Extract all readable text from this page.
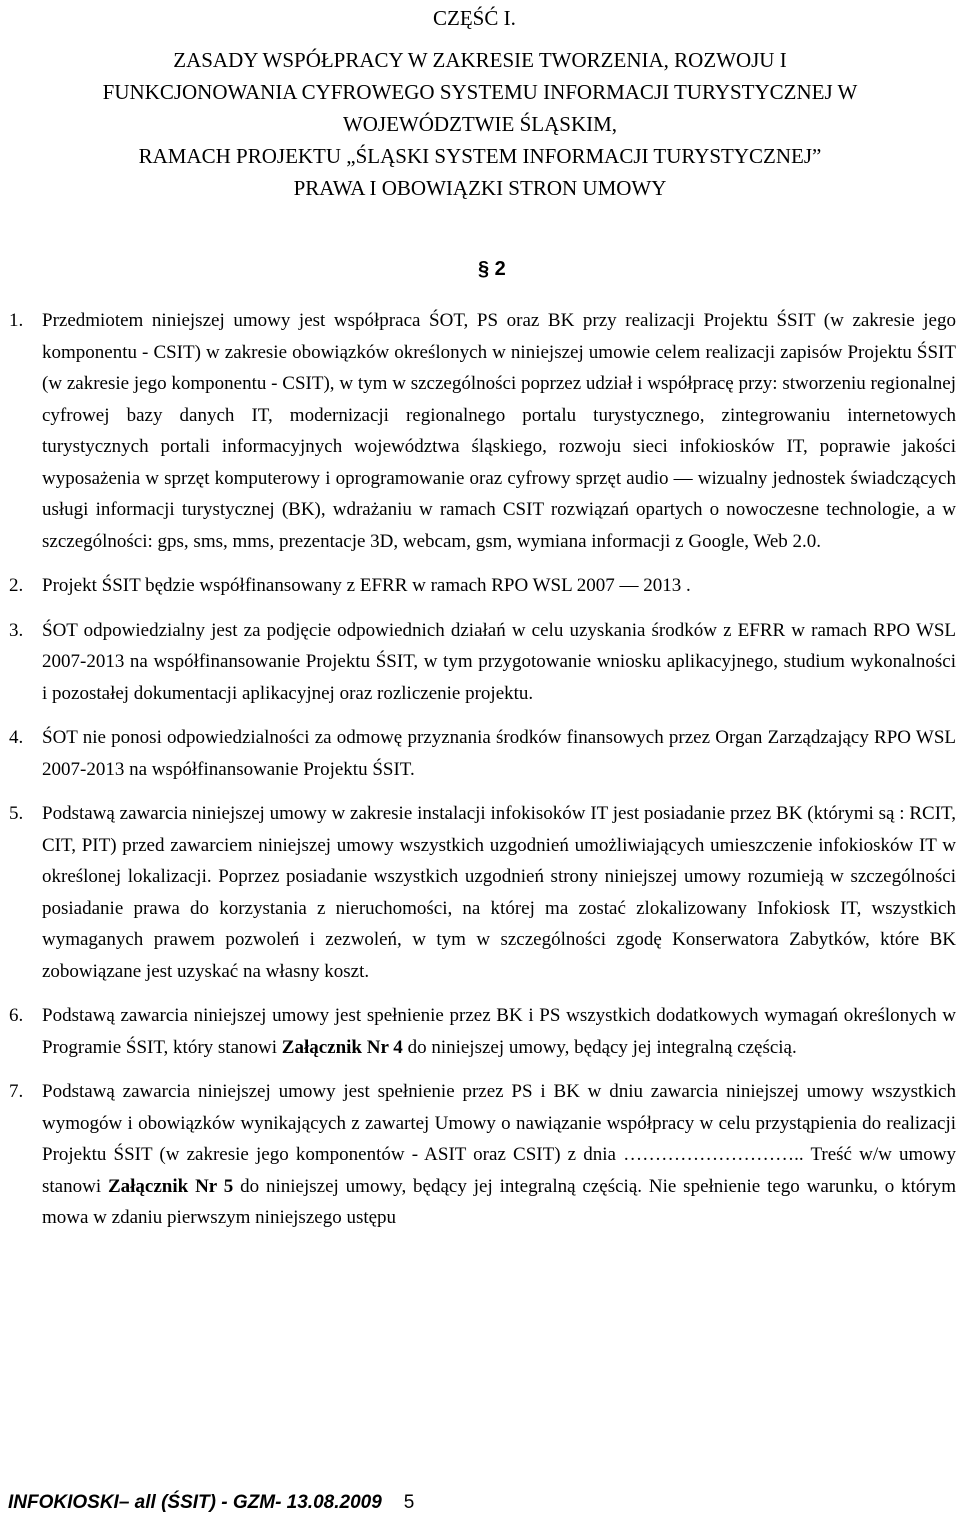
CZĘŚĆ I.
ZASADY WSPÓŁPRACY W ZAKRESIE TWORZENIA, ROZWOJU I
FUNKCJONOWANIA CYFROWEGO SYSTEMU INFORMACJI TURYSTYCZNEJ W
WOJEWÓDZTWIE ŚLĄSKIM,
RAMACH PROJEKTU „ŚLĄSKI SYSTEM INFORMACJI TURYSTYCZNEJ”
PRAWA I OBOWIĄZKI STRON UMOWY
§ 2
1. Przedmiotem niniejszej umowy jest współpraca ŚOT, PS oraz BK przy realizacji Projektu ŚSIT (w zakresie jego komponentu - CSIT) w zakresie obowiązków określonych w niniejszej umowie celem realizacji zapisów Projektu ŚSIT (w zakresie jego komponentu - CSIT), w tym w szczególności poprzez udział i współpracę przy: stworzeniu regionalnej cyfrowej bazy danych IT, modernizacji regionalnego portalu turystycznego, zintegrowaniu internetowych turystycznych portali informacyjnych województwa śląskiego, rozwoju sieci infokiosków IT, poprawie jakości wyposażenia w sprzęt komputerowy i oprogramowanie oraz cyfrowy sprzęt audio — wizualny jednostek świadczących usługi informacji turystycznej (BK), wdrażaniu w ramach CSIT rozwiązań opartych o nowoczesne technologie, a w szczególności: gps, sms, mms, prezentacje 3D, webcam, gsm, wymiana informacji z Google, Web 2.0.
2. Projekt ŚSIT będzie współfinansowany z EFRR w ramach RPO WSL 2007 — 2013 .
3. ŚOT odpowiedzialny jest za podjęcie odpowiednich działań w celu uzyskania środków z EFRR w ramach RPO WSL 2007-2013 na współfinansowanie Projektu ŚSIT, w tym przygotowanie wniosku aplikacyjnego, studium wykonalności i pozostałej dokumentacji aplikacyjnej oraz rozliczenie projektu.
4. ŚOT nie ponosi odpowiedzialności za odmowę przyznania środków finansowych przez Organ Zarządzający RPO WSL 2007-2013 na współfinansowanie Projektu ŚSIT.
5. Podstawą zawarcia niniejszej umowy w zakresie instalacji infokisoków IT jest posiadanie przez BK (którymi są : RCIT, CIT, PIT) przed zawarciem niniejszej umowy wszystkich uzgodnień umożliwiających umieszczenie infokiosków IT w określonej lokalizacji. Poprzez posiadanie wszystkich uzgodnień strony niniejszej umowy rozumieją w szczególności posiadanie prawa do korzystania z nieruchomości, na której ma zostać zlokalizowany Infokiosk IT, wszystkich wymaganych prawem pozwoleń i zezwoleń, w tym w szczególności zgodę Konserwatora Zabytków, które BK zobowiązane jest uzyskać na własny koszt.
6. Podstawą zawarcia niniejszej umowy jest spełnienie przez BK i PS wszystkich dodatkowych wymagań określonych w Programie ŚSIT, który stanowi Załącznik Nr 4 do niniejszej umowy, będący jej integralną częścią.
7. Podstawą zawarcia niniejszej umowy jest spełnienie przez PS i BK w dniu zawarcia niniejszej umowy wszystkich wymogów i obowiązków wynikających z zawartej Umowy o nawiązanie współpracy w celu przystąpienia do realizacji Projektu ŚSIT (w zakresie jego komponentów - ASIT oraz CSIT) z dnia ……………………….. Treść w/w umowy stanowi Załącznik Nr 5 do niniejszej umowy, będący jej integralną częścią. Nie spełnienie tego warunku, o którym mowa w zdaniu pierwszym niniejszego ustępu
INFOKIOSKI– all (ŚSIT) - GZM- 13.08.2009 5
